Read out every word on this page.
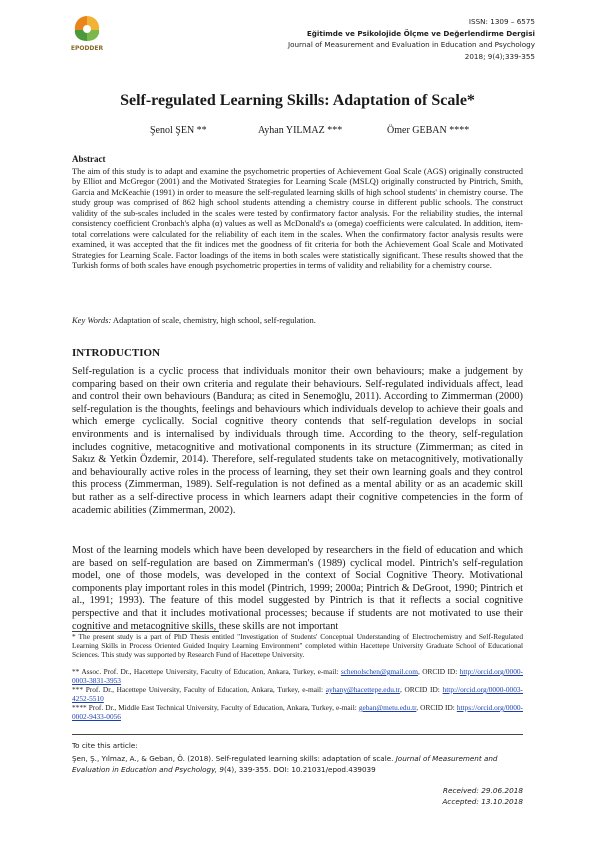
EPODDER
ISSN: 1309 – 6575
Eğitimde ve Psikolojide Ölçme ve Değerlendirme Dergisi
Journal of Measurement and Evaluation in Education and Psychology
2018; 9(4);339-355
Self-regulated Learning Skills: Adaptation of Scale*
Şenol ŞEN **	Ayhan YILMAZ ***	Ömer GEBAN ****
Abstract

The aim of this study is to adapt and examine the psychometric properties of Achievement Goal Scale (AGS) originally constructed by Elliot and McGregor (2001) and the Motivated Strategies for Learning Scale (MSLQ) originally constructed by Pintrich, Smith, Garcia and McKeachie (1991) in order to measure the self-regulated learning skills of high school students' in chemistry course. The study group was comprised of 862 high school students attending a chemistry course in different public schools. The construct validity of the sub-scales included in the scales were tested by confirmatory factor analysis. For the reliability studies, the internal consistency coefficient Cronbach's alpha (α) values as well as McDonald's ω (omega) coefficients were calculated. In addition, item-total correlations were calculated for the reliability of each item in the scales. When the confirmatory factor analysis results were examined, it was accepted that the fit indices met the goodness of fit criteria for both the Achievement Goal Scale and Motivated Strategies for Learning Scale. Factor loadings of the items in both scales were statistically significant. These results showed that the Turkish forms of both scales have enough psychometric properties in terms of validity and reliability for a chemistry course.

Key Words: Adaptation of scale, chemistry, high school, self-regulation.
INTRODUCTION

Self-regulation is a cyclic process that individuals monitor their own behaviours; make a judgement by comparing based on their own criteria and regulate their behaviours. Self-regulated individuals affect, lead and control their own behaviours (Bandura; as cited in Senemoğlu, 2011). According to Zimmerman (2000) self-regulation is the thoughts, feelings and behaviours which individuals develop to achieve their goals and which emerge cyclically. Social cognitive theory contends that self-regulation develops in social environments and is internalised by individuals through time. According to the theory, self-regulation includes cognitive, metacognitive and motivational components in its structure (Zimmerman; as cited in Sakız & Yetkin Özdemir, 2014). Therefore, self-regulated students take on metacognitively, motivationally and behaviourally active roles in the process of learning, they set their own learning goals and they control this process (Zimmerman, 1989). Self-regulation is not defined as a mental ability or as an academic skill but rather as a self-directive process in which learners adapt their cognitive competencies in the form of academic abilities (Zimmerman, 2002).

Most of the learning models which have been developed by researchers in the field of education and which are based on self-regulation are based on Zimmerman's (1989) cyclical model. Pintrich's self-regulation model, one of those models, was developed in the context of Social Cognitive Theory. Motivational components play important roles in this model (Pintrich, 1999; 2000a; Pintrich & DeGroot, 1990; Pintrich et al., 1991; 1993). The feature of this model suggested by Pintrich is that it reflects a social cognitive perspective and that it includes motivational processes; because if students are not motivated to use their cognitive and metacognitive skills, these skills are not important

* The present study is a part of PhD Thesis entitled "Investigation of Students' Conceptual Understanding of Electrochemistry and Self-Regulated Learning Skills in Process Oriented Guided Inquiry Learning Environment" completed within Hacettepe University Graduate School of Educational Sciences. This study was supported by Research Fund of Hacettepe University.

** Assoc. Prof. Dr., Hacettepe University, Faculty of Education, Ankara, Turkey, e-mail: schenolschen@gmail.com, ORCID ID: http://orcid.org/0000-0003-3831-3953

*** Prof. Dr., Hacettepe University, Faculty of Education, Ankara, Turkey, e-mail: ayhany@hacettepe.edu.tr, ORCID ID: http://orcid.org/0000-0003-4252-5510

**** Prof. Dr., Middle East Technical University, Faculty of Education, Ankara, Turkey, e-mail: geban@metu.edu.tr, ORCID ID: https://orcid.org/0000-0002-9433-0056

To cite this article:

Şen, Ş., Yılmaz, A., & Geban, Ö. (2018). Self-regulated learning skills: adaptation of scale. Journal of Measurement and Evaluation in Education and Psychology, 9(4), 339-355. DOI: 10.21031/epod.439039

Received: 29.06.2018
Accepted: 13.10.2018
